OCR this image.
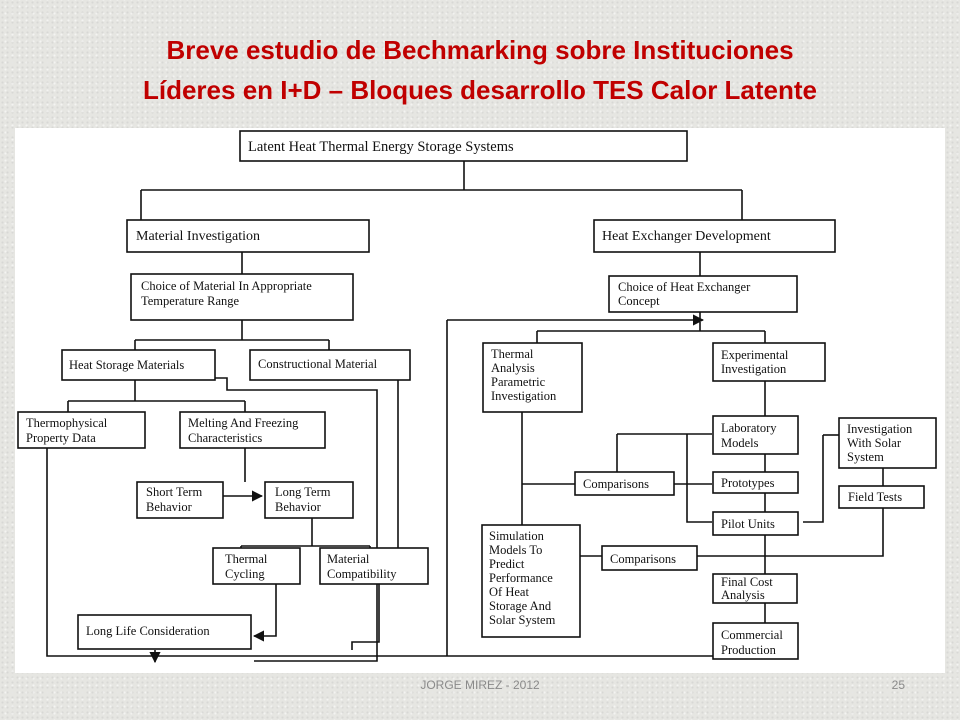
Breve estudio de Bechmarking sobre Instituciones
Líderes en I+D – Bloques desarrollo TES Calor Latente
Latent Heat Thermal Energy Storage Systems
Material Investigation	Heat Exchanger Development
Choice of Material In Appropriate
Temperature Range
Choice of Heat Exchanger
Concept
Heat Storage Materials	Constructional Material
Thermophysical
Property Data
Melting And Freezing
Characteristics
Short Term
Behavior
Long Term
Behavior
Thermal
Cycling
Material
Compatibility
Long Life Consideration
Thermal
Analysis
Parametric
Investigation
Experimental
Investigation
Laboratory
Models
Prototypes
Pilot Units
Comparisons
Investigation
With Solar
System
Field Tests
Simulation
Models To
Predict
Performance
Of Heat
Storage And
Solar System
Comparisons
Final Cost
Analysis
Commercial
Production
JORGE MIREZ - 2012	25
